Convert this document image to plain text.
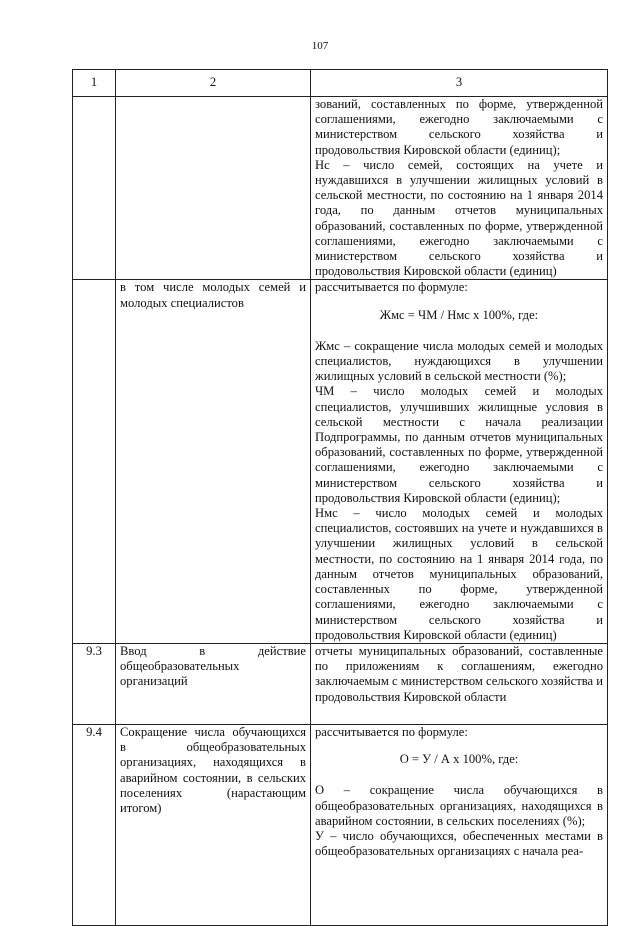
107
1	2	3

		зований, составленных по форме, утвержденной соглашениями, ежегодно заключаемыми с министерством сельского хозяйства и продовольствия Кировской области (единиц);
Нс – число семей, состоящих на учете и нуждавшихся в улучшении жилищных условий в сельской местности, по состоянию на 1 января 2014 года, по данным отчетов муниципальных образований, составленных по форме, утвержденной соглашениями, ежегодно заключаемыми с министерством сельского хозяйства и продовольствия Кировской области (единиц)

	в том числе молодых семей и молодых специалистов	рассчитывается по формуле:
Жмс = ЧМ / Нмс х 100%, где:
Жмс – сокращение числа молодых семей и молодых специалистов, нуждающихся в улучшении жилищных условий в сельской местности (%);
ЧМ – число молодых семей и молодых специалистов, улучшивших жилищные условия в сельской местности с начала реализации Подпрограммы, по данным отчетов муниципальных образований, составленных по форме, утвержденной соглашениями, ежегодно заключаемыми с министерством сельского хозяйства и продовольствия Кировской области (единиц);
Нмс – число молодых семей и молодых специалистов, состоявших на учете и нуждавшихся в улучшении жилищных условий в сельской местности, по состоянию на 1 января 2014 года, по данным отчетов муниципальных образований, составленных по форме, утвержденной соглашениями, ежегодно заключаемыми с министерством сельского хозяйства и продовольствия Кировской области (единиц)

9.3	Ввод в действие общеобразовательных организаций	отчеты муниципальных образований, составленные по приложениям к соглашениям, ежегодно заключаемым с министерством сельского хозяйства и продовольствия Кировской области

9.4	Сокращение числа обучающихся в общеобразовательных организациях, находящихся в аварийном состоянии, в сельских поселениях (нарастающим итогом)	рассчитывается по формуле:
О = У / А х 100%, где:
О – сокращение числа обучающихся в общеобразовательных организациях, находящихся в аварийном состоянии, в сельских поселениях (%);
У – число обучающихся, обеспеченных местами в общеобразовательных организациях с начала реа-
